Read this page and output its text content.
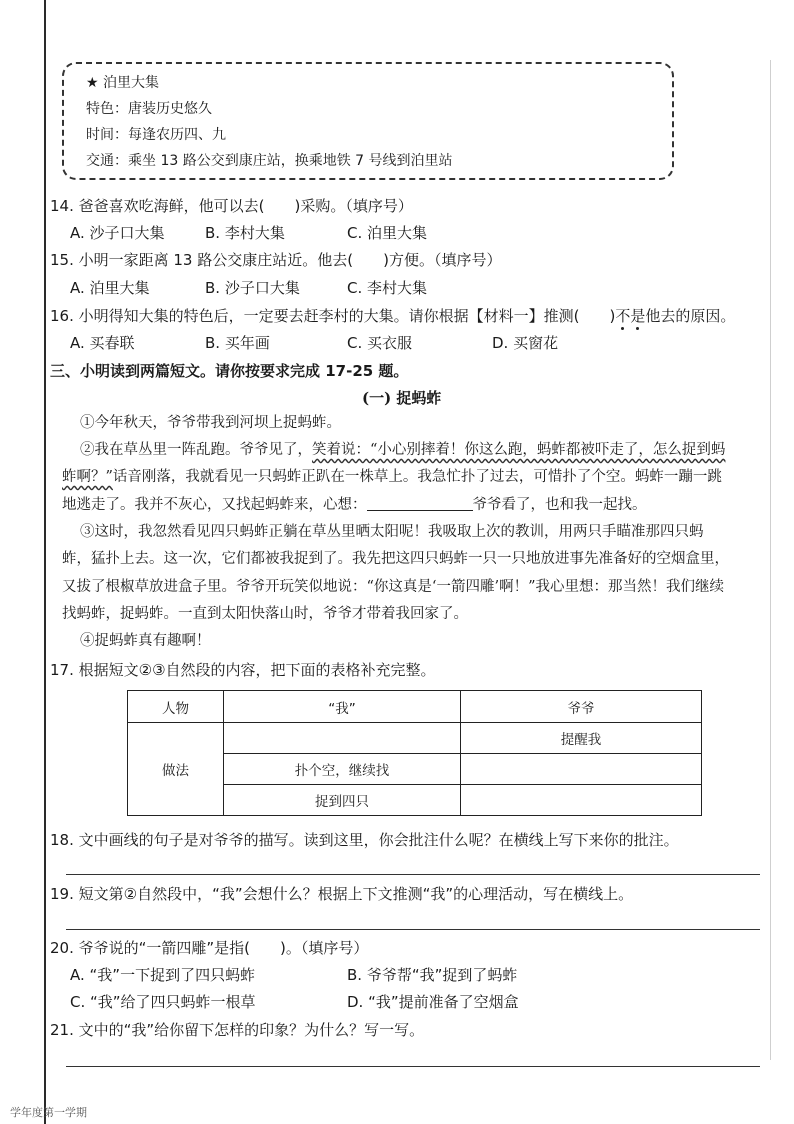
★ 泊里大集
特色：唐装历史悠久
时间：每逢农历四、九
交通：乘坐 13 路公交到康庄站，换乘地铁 7 号线到泊里站
14. 爸爸喜欢吃海鲜，他可以去(　　)采购。（填序号）
A. 沙子口大集	B. 李村大集	C. 泊里大集
15. 小明一家距离 13 路公交康庄站近。他去(　　)方便。（填序号）
A. 泊里大集	B. 沙子口大集	C. 李村大集
16. 小明得知大集的特色后，一定要去赶李村的大集。请你根据【材料一】推测(　　)不是他去的原因。
A. 买春联	B. 买年画	C. 买衣服	D. 买窗花
三、小明读到两篇短文。请你按要求完成 17-25 题。
(一) 捉蚂蚱
①今年秋天，爷爷带我到河坝上捉蚂蚱。
②我在草丛里一阵乱跑。爷爷见了，笑着说：“小心别摔着！你这么跑，蚂蚱都被吓走了，怎么捉到蚂
蚱啊？”话音刚落，我就看见一只蚂蚱正趴在一株草上。我急忙扑了过去，可惜扑了个空。蚂蚱一蹦一跳
地逃走了。我并不灰心，又找起蚂蚱来，心想：	爷爷看了，也和我一起找。
③这时，我忽然看见四只蚂蚱正躺在草丛里晒太阳呢！我吸取上次的教训，用两只手瞄准那四只蚂
蚱，猛扑上去。这一次，它们都被我捉到了。我先把这四只蚂蚱一只一只地放进事先准备好的空烟盒里，
又拔了根椒草放进盒子里。爷爷开玩笑似地说：“你这真是‘一箭四雕’啊！”我心里想：那当然！我们继续
找蚂蚱，捉蚂蚱。一直到太阳快落山时，爷爷才带着我回家了。
④捉蚂蚱真有趣啊！
17. 根据短文②③自然段的内容，把下面的表格补充完整。
人物	“我”	爷爷
做法		提醒我
	扑个空，继续找	
	捉到四只	
18. 文中画线的句子是对爷爷的描写。读到这里，你会批注什么呢？在横线上写下来你的批注。
19. 短文第②自然段中，“我”会想什么？根据上下文推测“我”的心理活动，写在横线上。
20. 爷爷说的“一箭四雕”是指(　　)。（填序号）
A. “我”一下捉到了四只蚂蚱	B. 爷爷帮“我”捉到了蚂蚱
C. “我”给了四只蚂蚱一根草	D. “我”提前准备了空烟盒
21. 文中的“我”给你留下怎样的印象？为什么？写一写。
学年度第一学期
